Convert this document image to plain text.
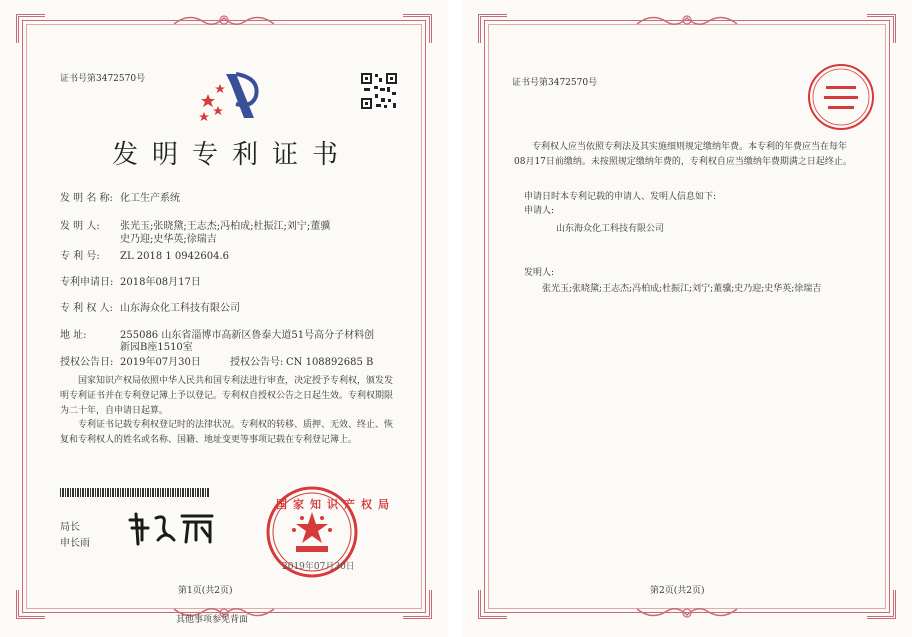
证书号第3472570号
发明专利证书
发 明 名 称: 化工生产系统
发 明 人: 张光玉;张晓黛;王志杰;冯柏成;杜振江;刘宁;董骥
史乃迎;史华英;徐瑞吉
专 利 号: ZL 2018 1 0942604.6
专利申请日: 2018年08月17日
专 利 权 人: 山东海众化工科技有限公司
地 址:	255086 山东省淄博市高新区鲁泰大道51号高分子材料创
新园B座1510室
授权公告日: 2019年07月30日	授权公告号: CN 108892685 B
国家知识产权局依照中华人民共和国专利法进行审查，决定授予专利权，颁发发明专利证书并在专利登记簿上予以登记。专利权自授权公告之日起生效。专利权期限为二十年，自申请日起算。
专利证书记载专利权登记时的法律状况。专利权的转移、质押、无效、终止、恢复和专利权人的姓名或名称、国籍、地址变更等事项记载在专利登记簿上。
局长
申长雨
国家知识产权局
2019年07月30日
第1页(共2页)
其他事项参见背面
证书号第3472570号
专利权人应当依照专利法及其实施细则规定缴纳年费。本专利的年费应当在每年08月17日前缴纳。未按照规定缴纳年费的，专利权自应当缴纳年费期满之日起终止。
申请日时本专利记载的申请人、发明人信息如下:
申请人:
山东海众化工科技有限公司
发明人:
张光玉;张晓黛;王志杰;冯柏成;杜振江;刘宁;董骥;史乃迎;史华英;徐瑞吉
第2页(共2页)
